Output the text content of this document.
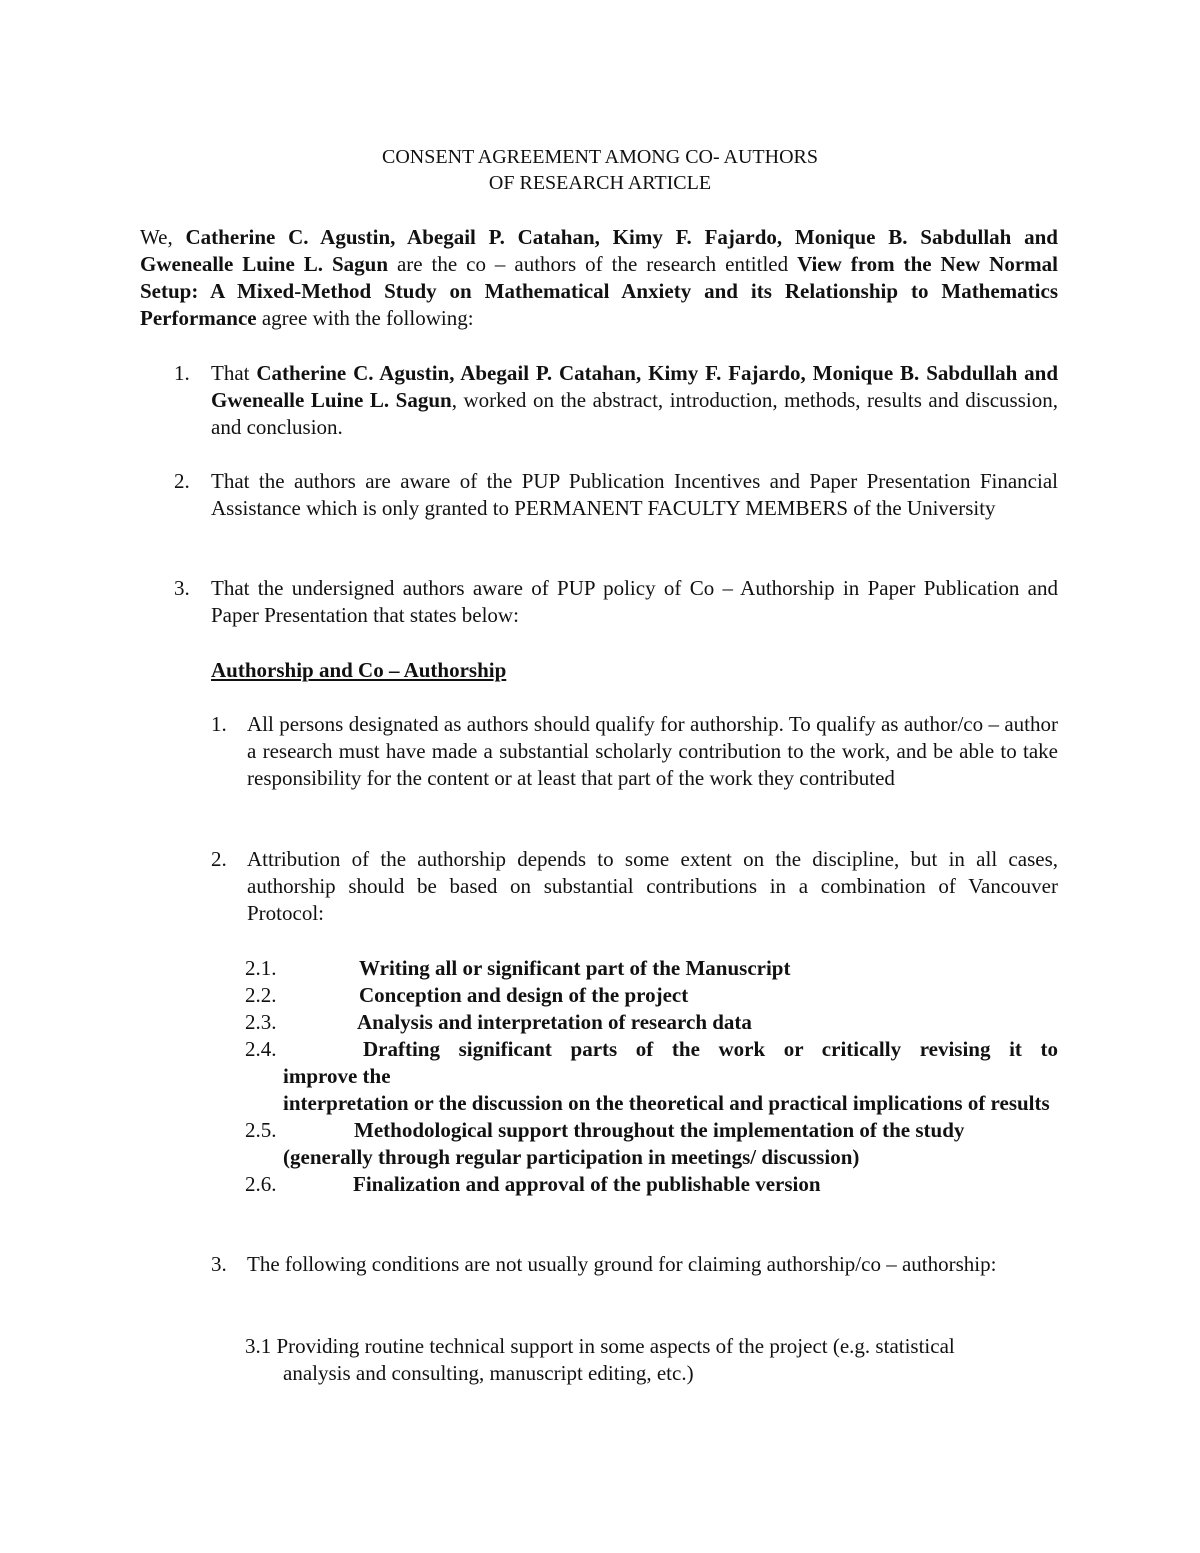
CONSENT AGREEMENT AMONG CO- AUTHORS
OF RESEARCH ARTICLE
We, Catherine C. Agustin, Abegail P. Catahan, Kimy F. Fajardo, Monique B. Sabdullah and Gwenealle Luine L. Sagun are the co – authors of the research entitled View from the New Normal Setup: A Mixed-Method Study on Mathematical Anxiety and its Relationship to Mathematics Performance agree with the following:
1. That Catherine C. Agustin, Abegail P. Catahan, Kimy F. Fajardo, Monique B. Sabdullah and Gwenealle Luine L. Sagun, worked on the abstract, introduction, methods, results and discussion, and conclusion.
2. That the authors are aware of the PUP Publication Incentives and Paper Presentation Financial Assistance which is only granted to PERMANENT FACULTY MEMBERS of the University
3. That the undersigned authors aware of PUP policy of Co – Authorship in Paper Publication and Paper Presentation that states below:
Authorship and Co – Authorship
1. All persons designated as authors should qualify for authorship. To qualify as author/co – author a research must have made a substantial scholarly contribution to the work, and be able to take responsibility for the content or at least that part of the work they contributed
2. Attribution of the authorship depends to some extent on the discipline, but in all cases, authorship should be based on substantial contributions in a combination of Vancouver Protocol:
2.1.	Writing all or significant part of the Manuscript
2.2.	Conception and design of the project
2.3.	Analysis and interpretation of research data
2.4.	Drafting significant parts of the work or critically revising it to
improve the
interpretation or the discussion on the theoretical and practical implications of results
2.5.	Methodological support throughout the implementation of the study
(generally through regular participation in meetings/ discussion)
2.6.	Finalization and approval of the publishable version
3. The following conditions are not usually ground for claiming authorship/co – authorship:
3.1 Providing routine technical support in some aspects of the project (e.g. statistical
analysis and consulting, manuscript editing, etc.)
